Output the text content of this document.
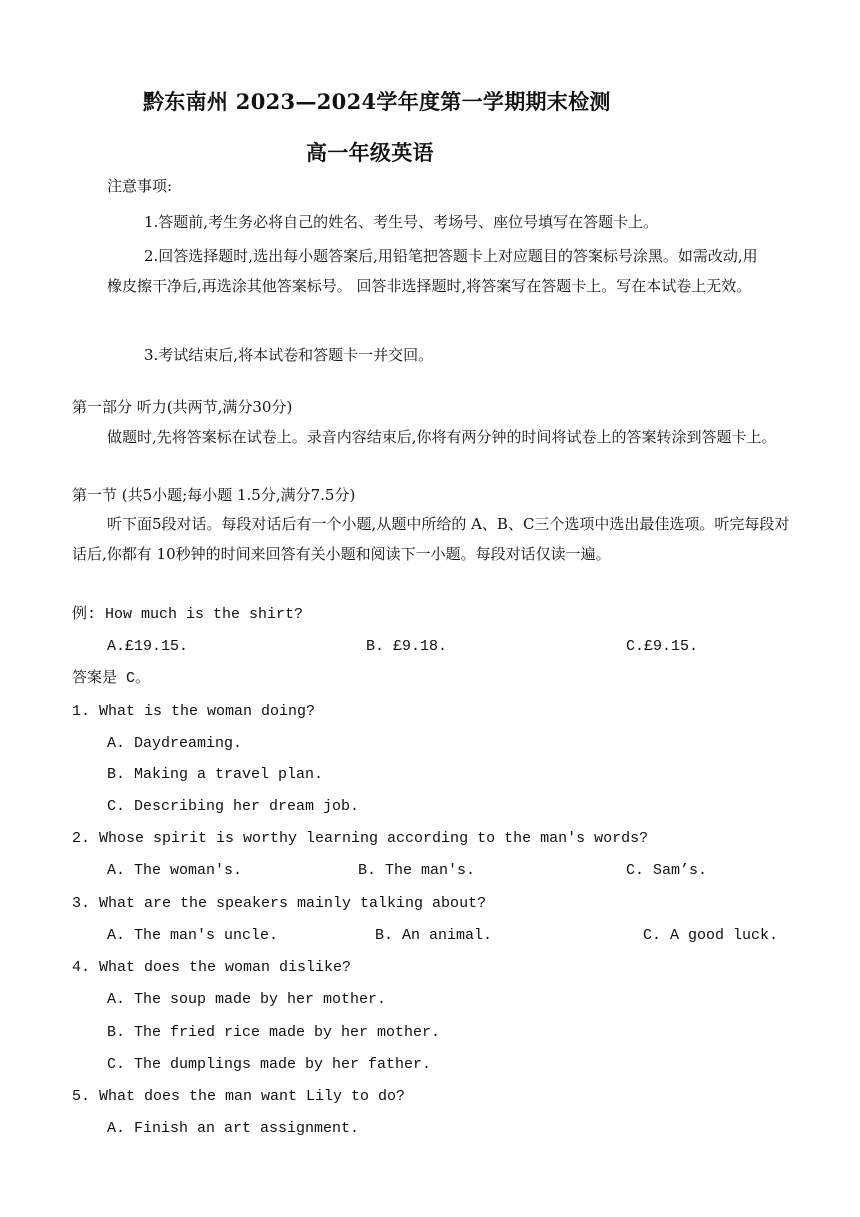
黔东南州 2023—2024学年度第一学期期末检测
高一年级英语
注意事项:
1.答题前,考生务必将自己的姓名、考生号、考场号、座位号填写在答题卡上。
2.回答选择题时,选出每小题答案后,用铅笔把答题卡上对应题目的答案标号涂黑。如需改动,用橡皮擦干净后,再选涂其他答案标号。 回答非选择题时,将答案写在答题卡上。写在本试卷上无效。
3.考试结束后,将本试卷和答题卡一并交回。
第一部分 听力(共两节,满分30分)
做题时,先将答案标在试卷上。录音内容结束后,你将有两分钟的时间将试卷上的答案转涂到答题卡上。
第一节 (共5小题;每小题 1.5分,满分7.5分)
听下面5段对话。每段对话后有一个小题,从题中所给的 A、B、C三个选项中选出最佳选项。听完每段对话后,你都有 10秒钟的时间来回答有关小题和阅读下一小题。每段对话仅读一遍。
例: How much is the shirt?
A.£19.15.	B. £9.18.	C.£9.15.
答案是 C。
1. What is the woman doing?
A. Daydreaming.
B. Making a travel plan.
C. Describing her dream job.
2. Whose spirit is worthy learning according to the man's words?
A. The woman's.	B. The man's.	C. Sam’s.
3. What are the speakers mainly talking about?
A. The man's uncle.	B. An animal.	C. A good luck.
4. What does the woman dislike?
A. The soup made by her mother.
B. The fried rice made by her mother.
C. The dumplings made by her father.
5. What does the man want Lily to do?
A. Finish an art assignment.
